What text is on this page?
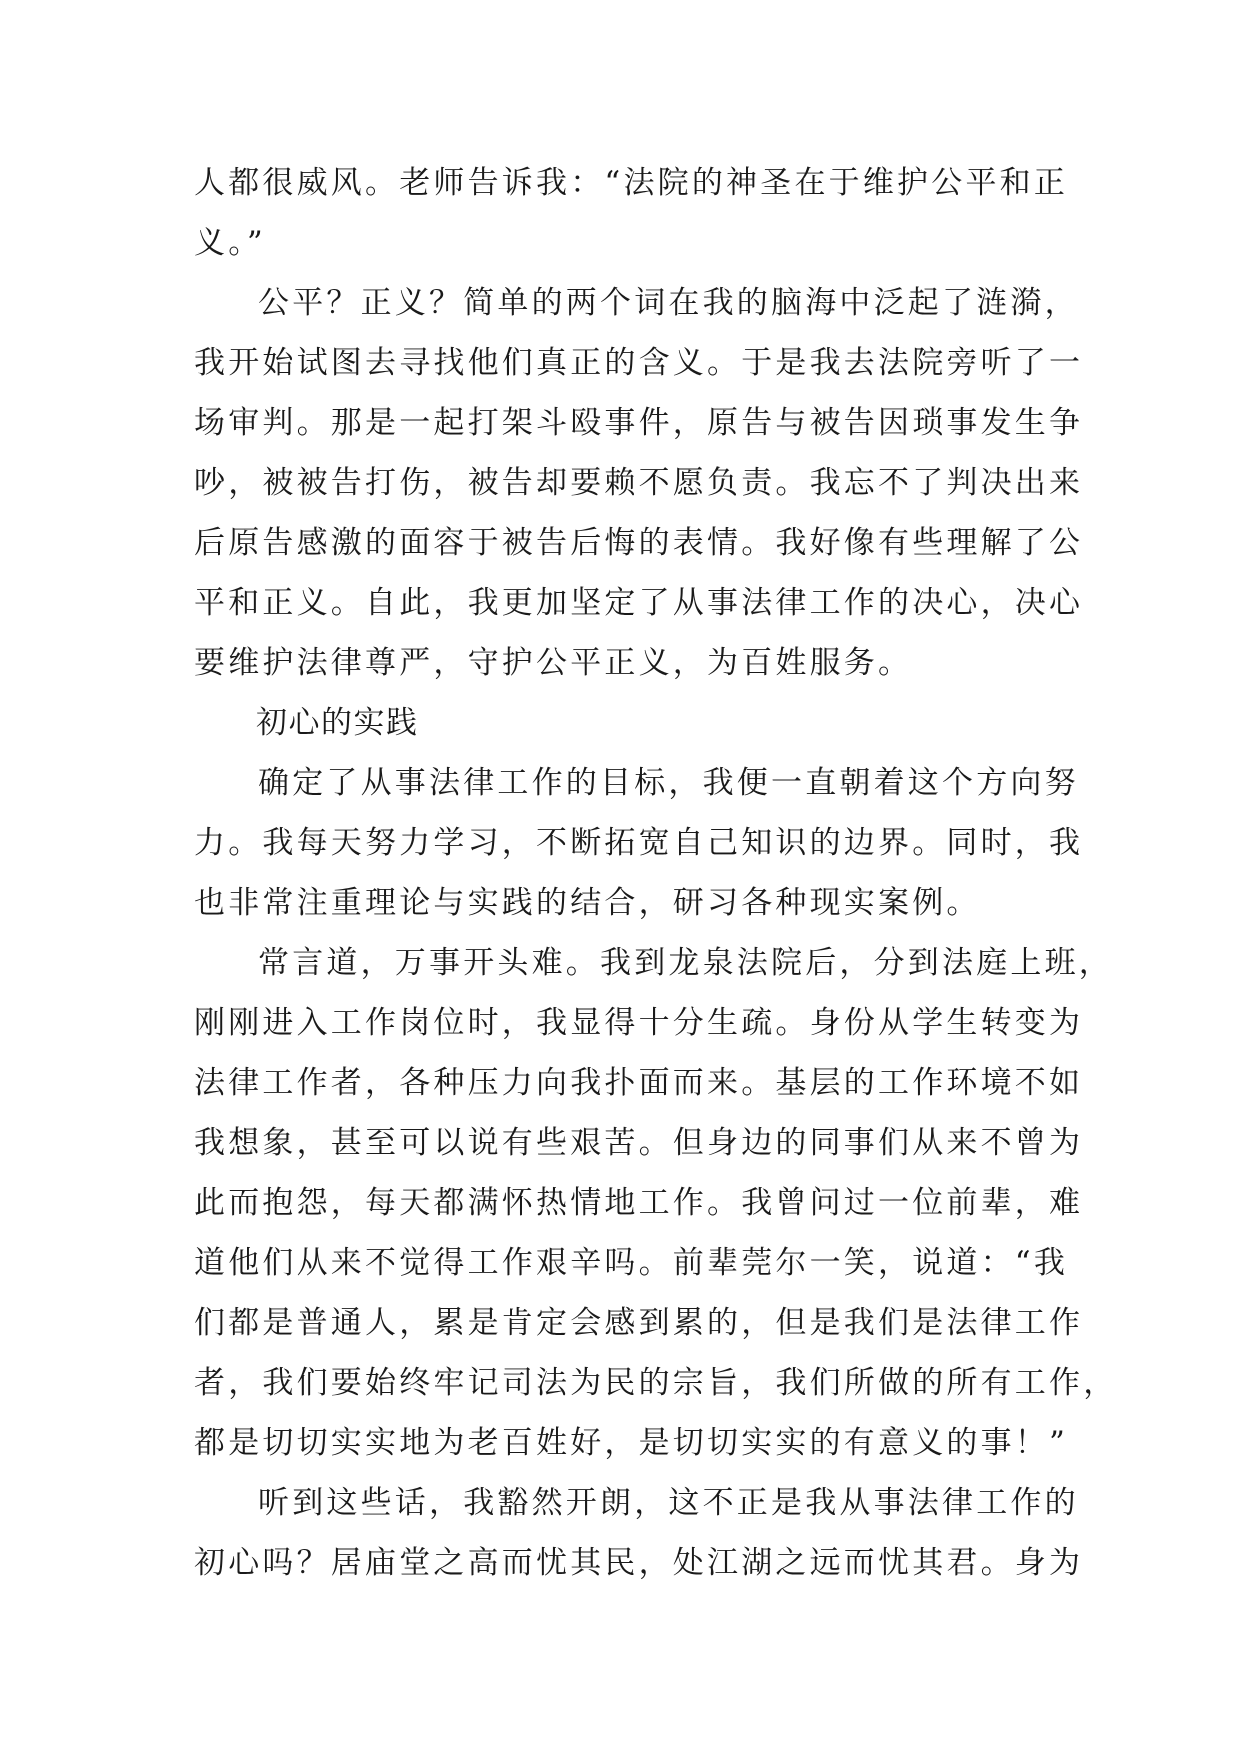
人都很威风。老师告诉我：“法院的神圣在于维护公平和正
义。”
公平？正义？简单的两个词在我的脑海中泛起了涟漪，
我开始试图去寻找他们真正的含义。于是我去法院旁听了一
场审判。那是一起打架斗殴事件，原告与被告因琐事发生争
吵，被被告打伤，被告却要赖不愿负责。我忘不了判决出来
后原告感激的面容于被告后悔的表情。我好像有些理解了公
平和正义。自此，我更加坚定了从事法律工作的决心，决心
要维护法律尊严，守护公平正义，为百姓服务。
初心的实践
确定了从事法律工作的目标，我便一直朝着这个方向努
力。我每天努力学习，不断拓宽自己知识的边界。同时，我
也非常注重理论与实践的结合，研习各种现实案例。
常言道，万事开头难。我到龙泉法院后，分到法庭上班，
刚刚进入工作岗位时，我显得十分生疏。身份从学生转变为
法律工作者，各种压力向我扑面而来。基层的工作环境不如
我想象，甚至可以说有些艰苦。但身边的同事们从来不曾为
此而抱怨，每天都满怀热情地工作。我曾问过一位前辈，难
道他们从来不觉得工作艰辛吗。前辈莞尔一笑，说道：“我
们都是普通人，累是肯定会感到累的，但是我们是法律工作
者，我们要始终牢记司法为民的宗旨，我们所做的所有工作，
都是切切实实地为老百姓好，是切切实实的有意义的事！”
听到这些话，我豁然开朗，这不正是我从事法律工作的
初心吗？居庙堂之高而忧其民，处江湖之远而忧其君。身为
